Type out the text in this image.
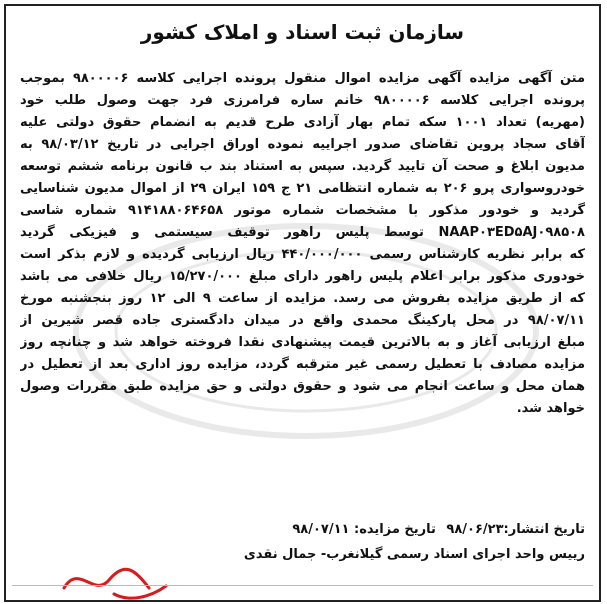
سازمان ثبت اسناد و املاک کشور
متن آگهی مزایده آگهی مزایده اموال منقول پرونده اجرایی کلاسه ۹۸۰۰۰۰۶ بموجب
پرونده اجرایی کلاسه ۹۸۰۰۰۰۶ خانم ساره فرامرزی فرد جهت وصول طلب خود
(مهریه) تعداد ۱۰۰۱ سکه تمام بهار آزادی طرح قدیم به انضمام حقوق دولتی علیه
آقای سجاد پروین تقاضای صدور اجراییه نموده اوراق اجرایی در تاریخ ۹۸/۰۳/۱۲ به
مدیون ابلاغ و صحت آن تایید گردید. سپس به استناد بند ب قانون برنامه ششم توسعه
خودروسواری پرو ۲۰۶ به شماره انتظامی ۲۱ ج ۱۵۹ ایران ۲۹ از اموال مدیون شناسایی
گردید و خودور مذکور با مشخصات شماره موتور ۹۱۴۱۸۸۰۶۴۶۵۸ شماره شاسی
NAAP۰۳ED۵AJ۰۹۸۵۰۸ توسط پلیس راهور توقیف سیستمی و فیزیکی گردید
که برابر نظریه کارشناس رسمی ۴۴۰/۰۰۰/۰۰۰ ریال ارزیابی گردیده و لازم بذکر است
خودوری مذکور برابر اعلام پلیس راهور دارای مبلغ ۱۵/۲۷۰/۰۰۰ ریال خلافی می باشد
که از طریق مزایده بفروش می رسد. مزایده از ساعت ۹ الی ۱۲ روز بنجشنبه مورخ
۹۸/۰۷/۱۱ در محل پارکینگ محمدی واقع در میدان دادگستری جاده قصر شیرین از
مبلغ ارزیابی آغاز و به بالاترین قیمت پیشنهادی نقدا فروخته خواهد شد و چنانچه روز
مزایده مصادف با تعطیل رسمی غیر مترقبه گردد، مزایده روز اداری بعد از تعطیل در
همان محل و ساعت انجام می شود و حقوق دولتی و حق مزایده طبق مقررات وصول
خواهد شد.
تاریخ انتشار:۹۸/۰۶/۲۳ تاریخ مزایده: ۹۸/۰۷/۱۱
رییس واحد اجرای اسناد رسمی گیلانغرب- جمال نقدی
